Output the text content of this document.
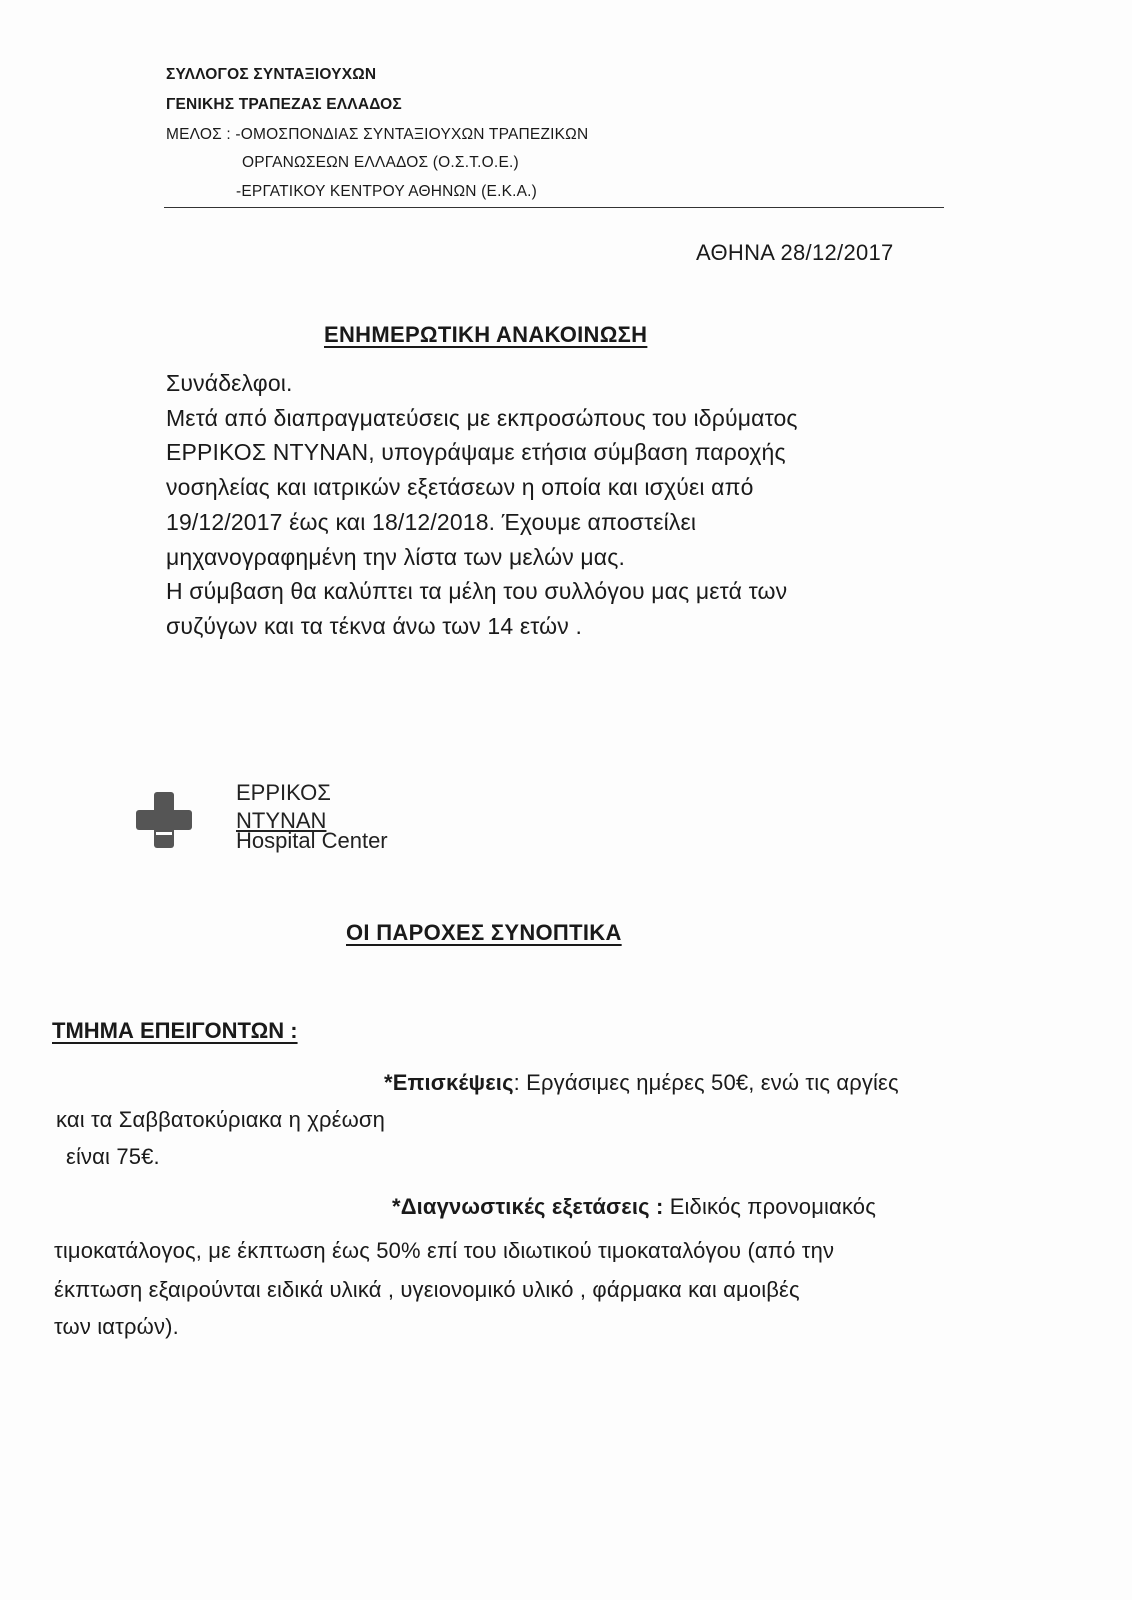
ΣΥΛΛΟΓΟΣ ΣΥΝΤΑΞΙΟΥΧΩΝ
ΓΕΝΙΚΗΣ ΤΡΑΠΕΖΑΣ ΕΛΛΑΔΟΣ
ΜΕΛΟΣ : -ΟΜΟΣΠΟΝΔΙΑΣ ΣΥΝΤΑΞΙΟΥΧΩΝ ΤΡΑΠΕΖΙΚΩΝ
ΟΡΓΑΝΩΣΕΩΝ ΕΛΛΑΔΟΣ (Ο.Σ.Τ.Ο.Ε.)
-ΕΡΓΑΤΙΚΟΥ ΚΕΝΤΡΟΥ ΑΘΗΝΩΝ (Ε.Κ.Α.)
ΑΘΗΝΑ 28/12/2017
ΕΝΗΜΕΡΩΤΙΚΗ ΑΝΑΚΟΙΝΩΣΗ

Συνάδελφοι.

Μετά από διαπραγματεύσεις με εκπροσώπους του ιδρύματος

ΕΡΡΙΚΟΣ ΝΤΥΝΑΝ, υπογράψαμε ετήσια σύμβαση παροχής

νοσηλείας και ιατρικών εξετάσεων η οποία και ισχύει από

19/12/2017 έως και 18/12/2018. Έχουμε αποστείλει

μηχανογραφημένη την λίστα των μελών μας.

Η σύμβαση θα καλύπτει τα μέλη του συλλόγου μας μετά των

συζύγων και τα τέκνα άνω των 14 ετών .

ΕΡΡΙΚΟΣ
ΝΤΥΝΑΝ
Hospital Center
ΟΙ ΠΑΡΟΧΕΣ ΣΥΝΟΠΤΙΚΑ
ΤΜΗΜΑ ΕΠΕΙΓΟΝΤΩΝ :
*Επισκέψεις: Εργάσιμες ημέρες 50€, ενώ τις αργίες
και τα Σαββατοκύριακα η χρέωση
είναι 75€.
*Διαγνωστικές εξετάσεις : Ειδικός προνομιακός
τιμοκατάλογος, με έκπτωση έως 50% επί του ιδιωτικού τιμοκαταλόγου (από την
έκπτωση εξαιρούνται ειδικά υλικά , υγειονομικό υλικό , φάρμακα και αμοιβές
των ιατρών).
